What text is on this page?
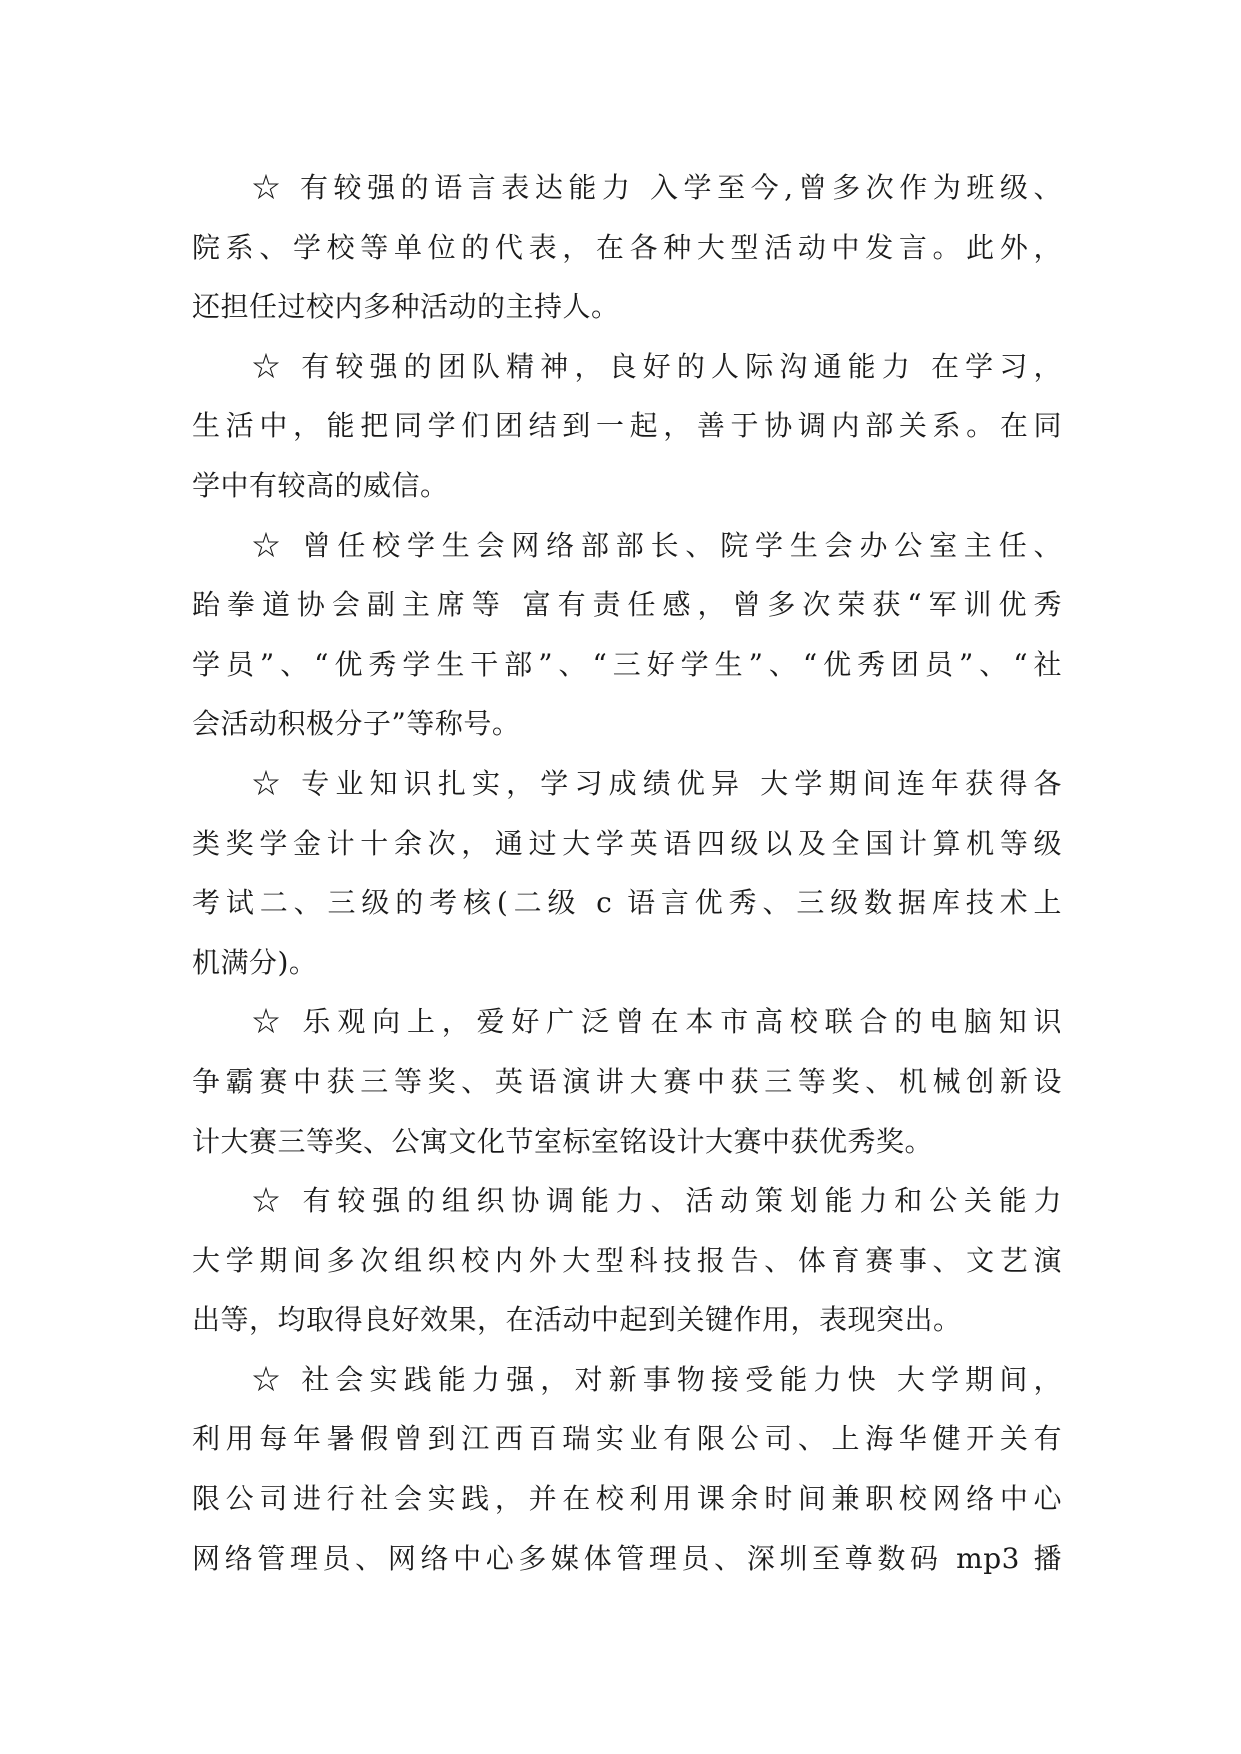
☆ 有较强的语言表达能力 入学至今,曾多次作为班级、
院系、学校等单位的代表，在各种大型活动中发言。此外，
还担任过校内多种活动的主持人。
☆ 有较强的团队精神，良好的人际沟通能力 在学习，
生活中，能把同学们团结到一起，善于协调内部关系。在同
学中有较高的威信。
☆ 曾任校学生会网络部部长、院学生会办公室主任、
跆拳道协会副主席等 富有责任感，曾多次荣获“军训优秀
学员”、“优秀学生干部”、“三好学生”、“优秀团员”、“社
会活动积极分子”等称号。
☆ 专业知识扎实，学习成绩优异 大学期间连年获得各
类奖学金计十余次，通过大学英语四级以及全国计算机等级
考试二、三级的考核(二级 c 语言优秀、三级数据库技术上
机满分)。
☆ 乐观向上，爱好广泛曾在本市高校联合的电脑知识
争霸赛中获三等奖、英语演讲大赛中获三等奖、机械创新设
计大赛三等奖、公寓文化节室标室铭设计大赛中获优秀奖。
☆ 有较强的组织协调能力、活动策划能力和公关能力
大学期间多次组织校内外大型科技报告、体育赛事、文艺演
出等，均取得良好效果，在活动中起到关键作用，表现突出。
☆ 社会实践能力强，对新事物接受能力快 大学期间，
利用每年暑假曾到江西百瑞实业有限公司、上海华健开关有
限公司进行社会实践，并在校利用课余时间兼职校网络中心
网络管理员、网络中心多媒体管理员、深圳至尊数码 mp3 播
